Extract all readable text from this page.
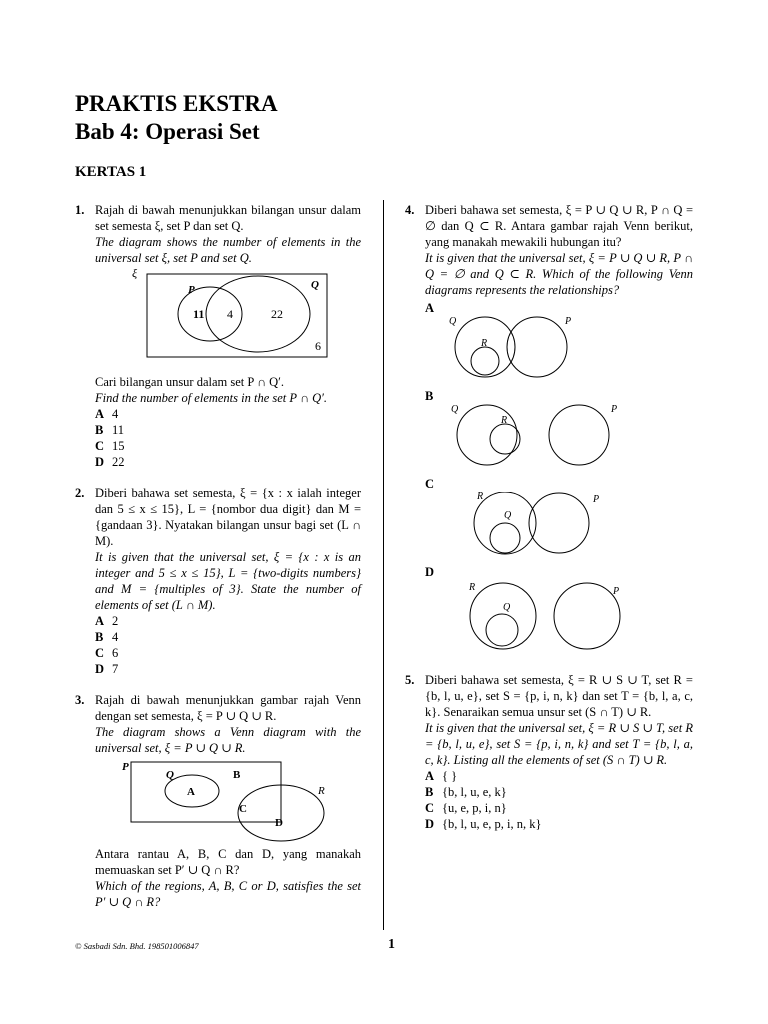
PRAKTIS EKSTRA
Bab 4: Operasi Set
KERTAS 1
1. Rajah di bawah menunjukkan bilangan unsur dalam set semesta ξ, set P dan set Q.

The diagram shows the number of elements in the universal set ξ, set P and set Q.

ξ
P	Q
11 4	22
6

Cari bilangan unsur dalam set P ∩ Q′.

Find the number of elements in the set P ∩ Q′.

A 4
B 11
C 15
D 22
2. Diberi bahawa set semesta, ξ = {x : x ialah integer dan 5 ≤ x ≤ 15}, L = {nombor dua digit} dan M = {gandaan 3}. Nyatakan bilangan unsur bagi set (L ∩ M).

It is given that the universal set, ξ = {x : x is an integer and 5 ≤ x ≤ 15}, L = {two-digits numbers} and M = {multiples of 3}. State the number of elements of set (L ∩ M).

A 2
B 4
C 6
D 7
3. Rajah di bawah menunjukkan gambar rajah Venn dengan set semesta, ξ = P ∪ Q ∪ R.

The diagram shows a Venn diagram with the universal set, ξ = P ∪ Q ∪ R.

P
Q
R
A
B
C
D

Antara rantau A, B, C dan D, yang manakah memuaskan set P′ ∪ Q ∩ R?

Which of the regions, A, B, C or D, satisfies the set P′ ∪ Q ∩ R?

4. Diberi bahawa set semesta, ξ = P ∪ Q ∪ R, P ∩ Q = ∅ dan Q ⊂ R. Antara gambar rajah Venn berikut, yang manakah mewakili hubungan itu?

It is given that the universal set, ξ = P ∪ Q ∪ R, P ∩ Q = ∅ and Q ⊂ R. Which of the following Venn diagrams represents the relationships?

A
Q
R
P
B
Q
R
P
C
R
Q
P
D
R
Q
P
5. Diberi bahawa set semesta, ξ = R ∪ S ∪ T, set R = {b, l, u, e}, set S = {p, i, n, k} dan set T = {b, l, a, c, k}. Senaraikan semua unsur set (S ∩ T) ∪ R.

It is given that the universal set, ξ = R ∪ S ∪ T, set R = {b, l, u, e}, set S = {p, i, n, k} and set T = {b, l, a, c, k}. Listing all the elements of set (S ∩ T) ∪ R.

A { }
B {b, l, u, e, k}
C {u, e, p, i, n}
D {b, l, u, e, p, i, n, k}
© Sasbadi Sdn. Bhd. 198501006847	1
